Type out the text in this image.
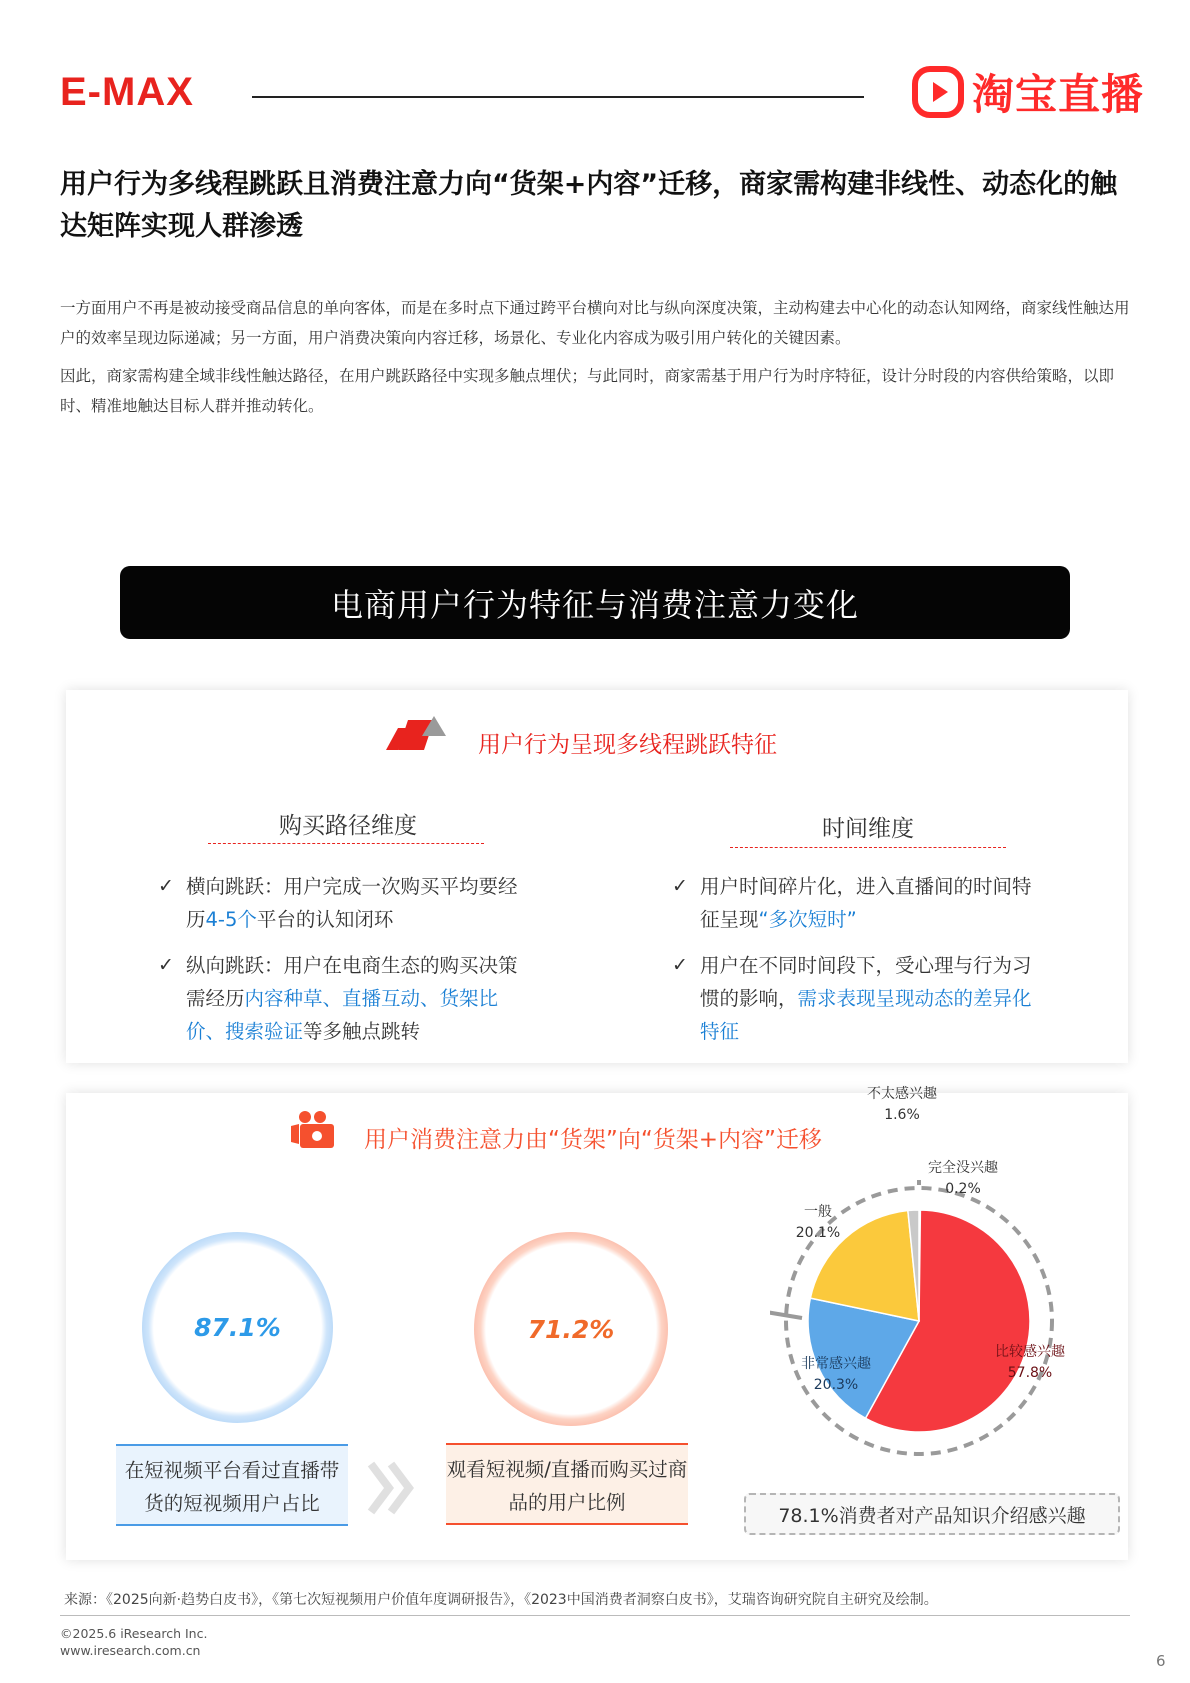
E-MAX	淘宝直播
用户行为多线程跳跃且消费注意力向“货架+内容”迁移，商家需构建非线性、动态化的触达矩阵实现人群渗透
一方面用户不再是被动接受商品信息的单向客体，而是在多时点下通过跨平台横向对比与纵向深度决策，主动构建去中心化的动态认知网络，商家线性触达用户的效率呈现边际递减；另一方面，用户消费决策向内容迁移，场景化、专业化内容成为吸引用户转化的关键因素。
因此，商家需构建全域非线性触达路径，在用户跳跃路径中实现多触点埋伏；与此同时，商家需基于用户行为时序特征，设计分时段的内容供给策略，以即时、精准地触达目标人群并推动转化。
电商用户行为特征与消费注意力变化
用户行为呈现多线程跳跃特征
购买路径维度	时间维度
✓ 横向跳跃：用户完成一次购买平均要经历4-5个平台的认知闭环
✓ 纵向跳跃：用户在电商生态的购买决策需经历内容种草、直播互动、货架比价、搜索验证等多触点跳转
✓ 用户时间碎片化，进入直播间的时间特征呈现“多次短时”
✓ 用户在不同时间段下，受心理与行为习惯的影响，需求表现呈现动态的差异化特征
用户消费注意力由“货架”向“货架+内容”迁移
87.1%
在短视频平台看过直播带货的短视频用户占比
71.2%
观看短视频/直播而购买过商品的用户比例
不太感兴趣
1.6%
完全没兴趣
0.2%
一般
20.1%
非常感兴趣
20.3%
比较感兴趣
57.8%
78.1%消费者对产品知识介绍感兴趣
来源：《2025向新·趋势白皮书》，《第七次短视频用户价值年度调研报告》，《2023中国消费者洞察白皮书》，艾瑞咨询研究院自主研究及绘制。
©2025.6 iResearch Inc.
www.iresearch.com.cn
6
